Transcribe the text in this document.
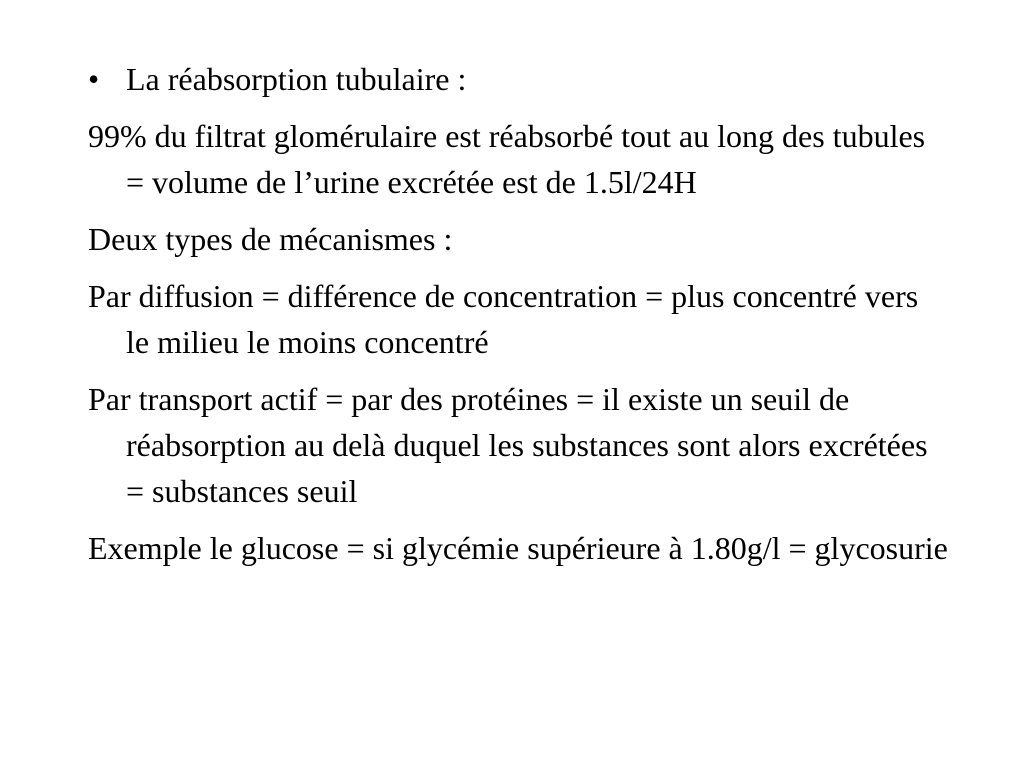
• La réabsorption tubulaire :

99% du filtrat glomérulaire est réabsorbé tout au long des tubules = volume de l’urine excrétée est de 1.5l/24H

Deux types de mécanismes :

Par diffusion = différence de concentration = plus concentré vers le milieu le moins concentré

Par transport actif = par des protéines = il existe un seuil de réabsorption au delà duquel les substances sont alors excrétées = substances seuil

Exemple le glucose = si glycémie supérieure à 1.80g/l = glycosurie
